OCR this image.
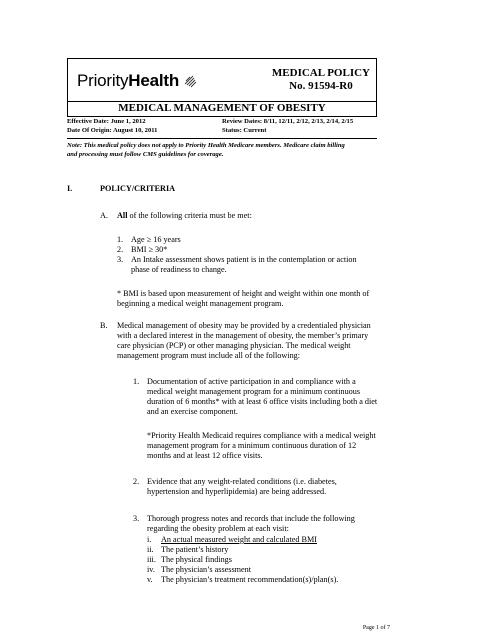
PriorityHealth	MEDICAL POLICY
No. 91594-R0
MEDICAL MANAGEMENT OF OBESITY
Effective Date: June 1, 2012
Date Of Origin: August 10, 2011
Review Dates: 8/11, 12/11, 2/12, 2/13, 2/14, 2/15
Status: Current
Note: This medical policy does not apply to Priority Health Medicare members. Medicare claim billing
and processing must follow CMS guidelines for coverage.
I.	POLICY/CRITERIA
A. All of the following criteria must be met:
1. Age ≥ 16 years
2. BMI ≥ 30*
3. An Intake assessment shows patient is in the contemplation or action
phase of readiness to change.
* BMI is based upon measurement of height and weight within one month of
beginning a medical weight management program.
B. Medical management of obesity may be provided by a credentialed physician
with a declared interest in the management of obesity, the member’s primary
care physician (PCP) or other managing physician. The medical weight
management program must include all of the following:
1. Documentation of active participation in and compliance with a
medical weight management program for a minimum continuous
duration of 6 months* with at least 6 office visits including both a diet
and an exercise component.
*Priority Health Medicaid requires compliance with a medical weight
management program for a minimum continuous duration of 12
months and at least 12 office visits.
2. Evidence that any weight-related conditions (i.e. diabetes,
hypertension and hyperlipidemia) are being addressed.
3. Thorough progress notes and records that include the following
regarding the obesity problem at each visit:
i. An actual measured weight and calculated BMI
ii. The patient’s history
iii. The physical findings
iv. The physician’s assessment
v. The physician’s treatment recommendation(s)/plan(s).
Page 1 of 7
